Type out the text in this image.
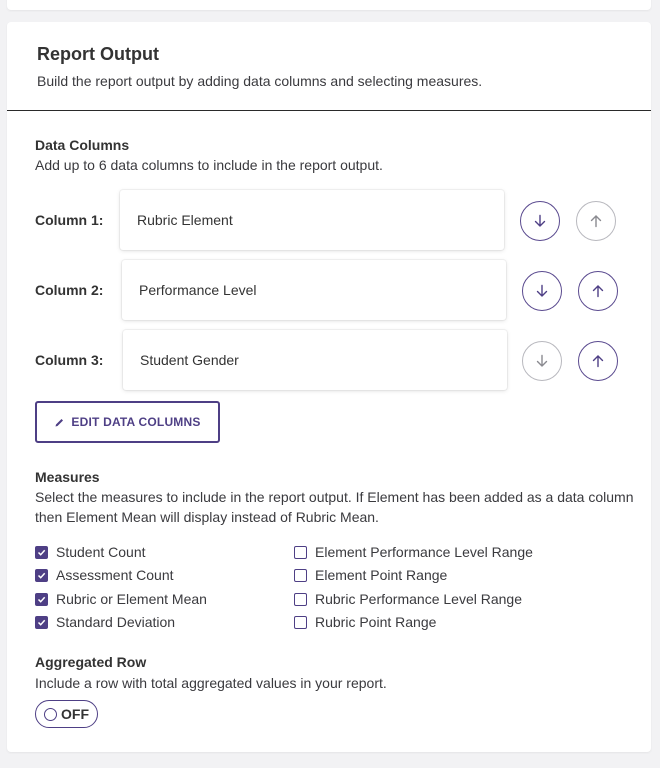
Report Output
Build the report output by adding data columns and selecting measures.
Data Columns
Add up to 6 data columns to include in the report output.
Column 1:	Rubric Element
Column 2:	Performance Level
Column 3:	Student Gender
EDIT DATA COLUMNS
Measures
Select the measures to include in the report output. If Element has been added as a data column then Element Mean will display instead of Rubric Mean.
Student Count
Assessment Count
Rubric or Element Mean
Standard Deviation
Element Performance Level Range
Element Point Range
Rubric Performance Level Range
Rubric Point Range
Aggregated Row
Include a row with total aggregated values in your report.
OFF
